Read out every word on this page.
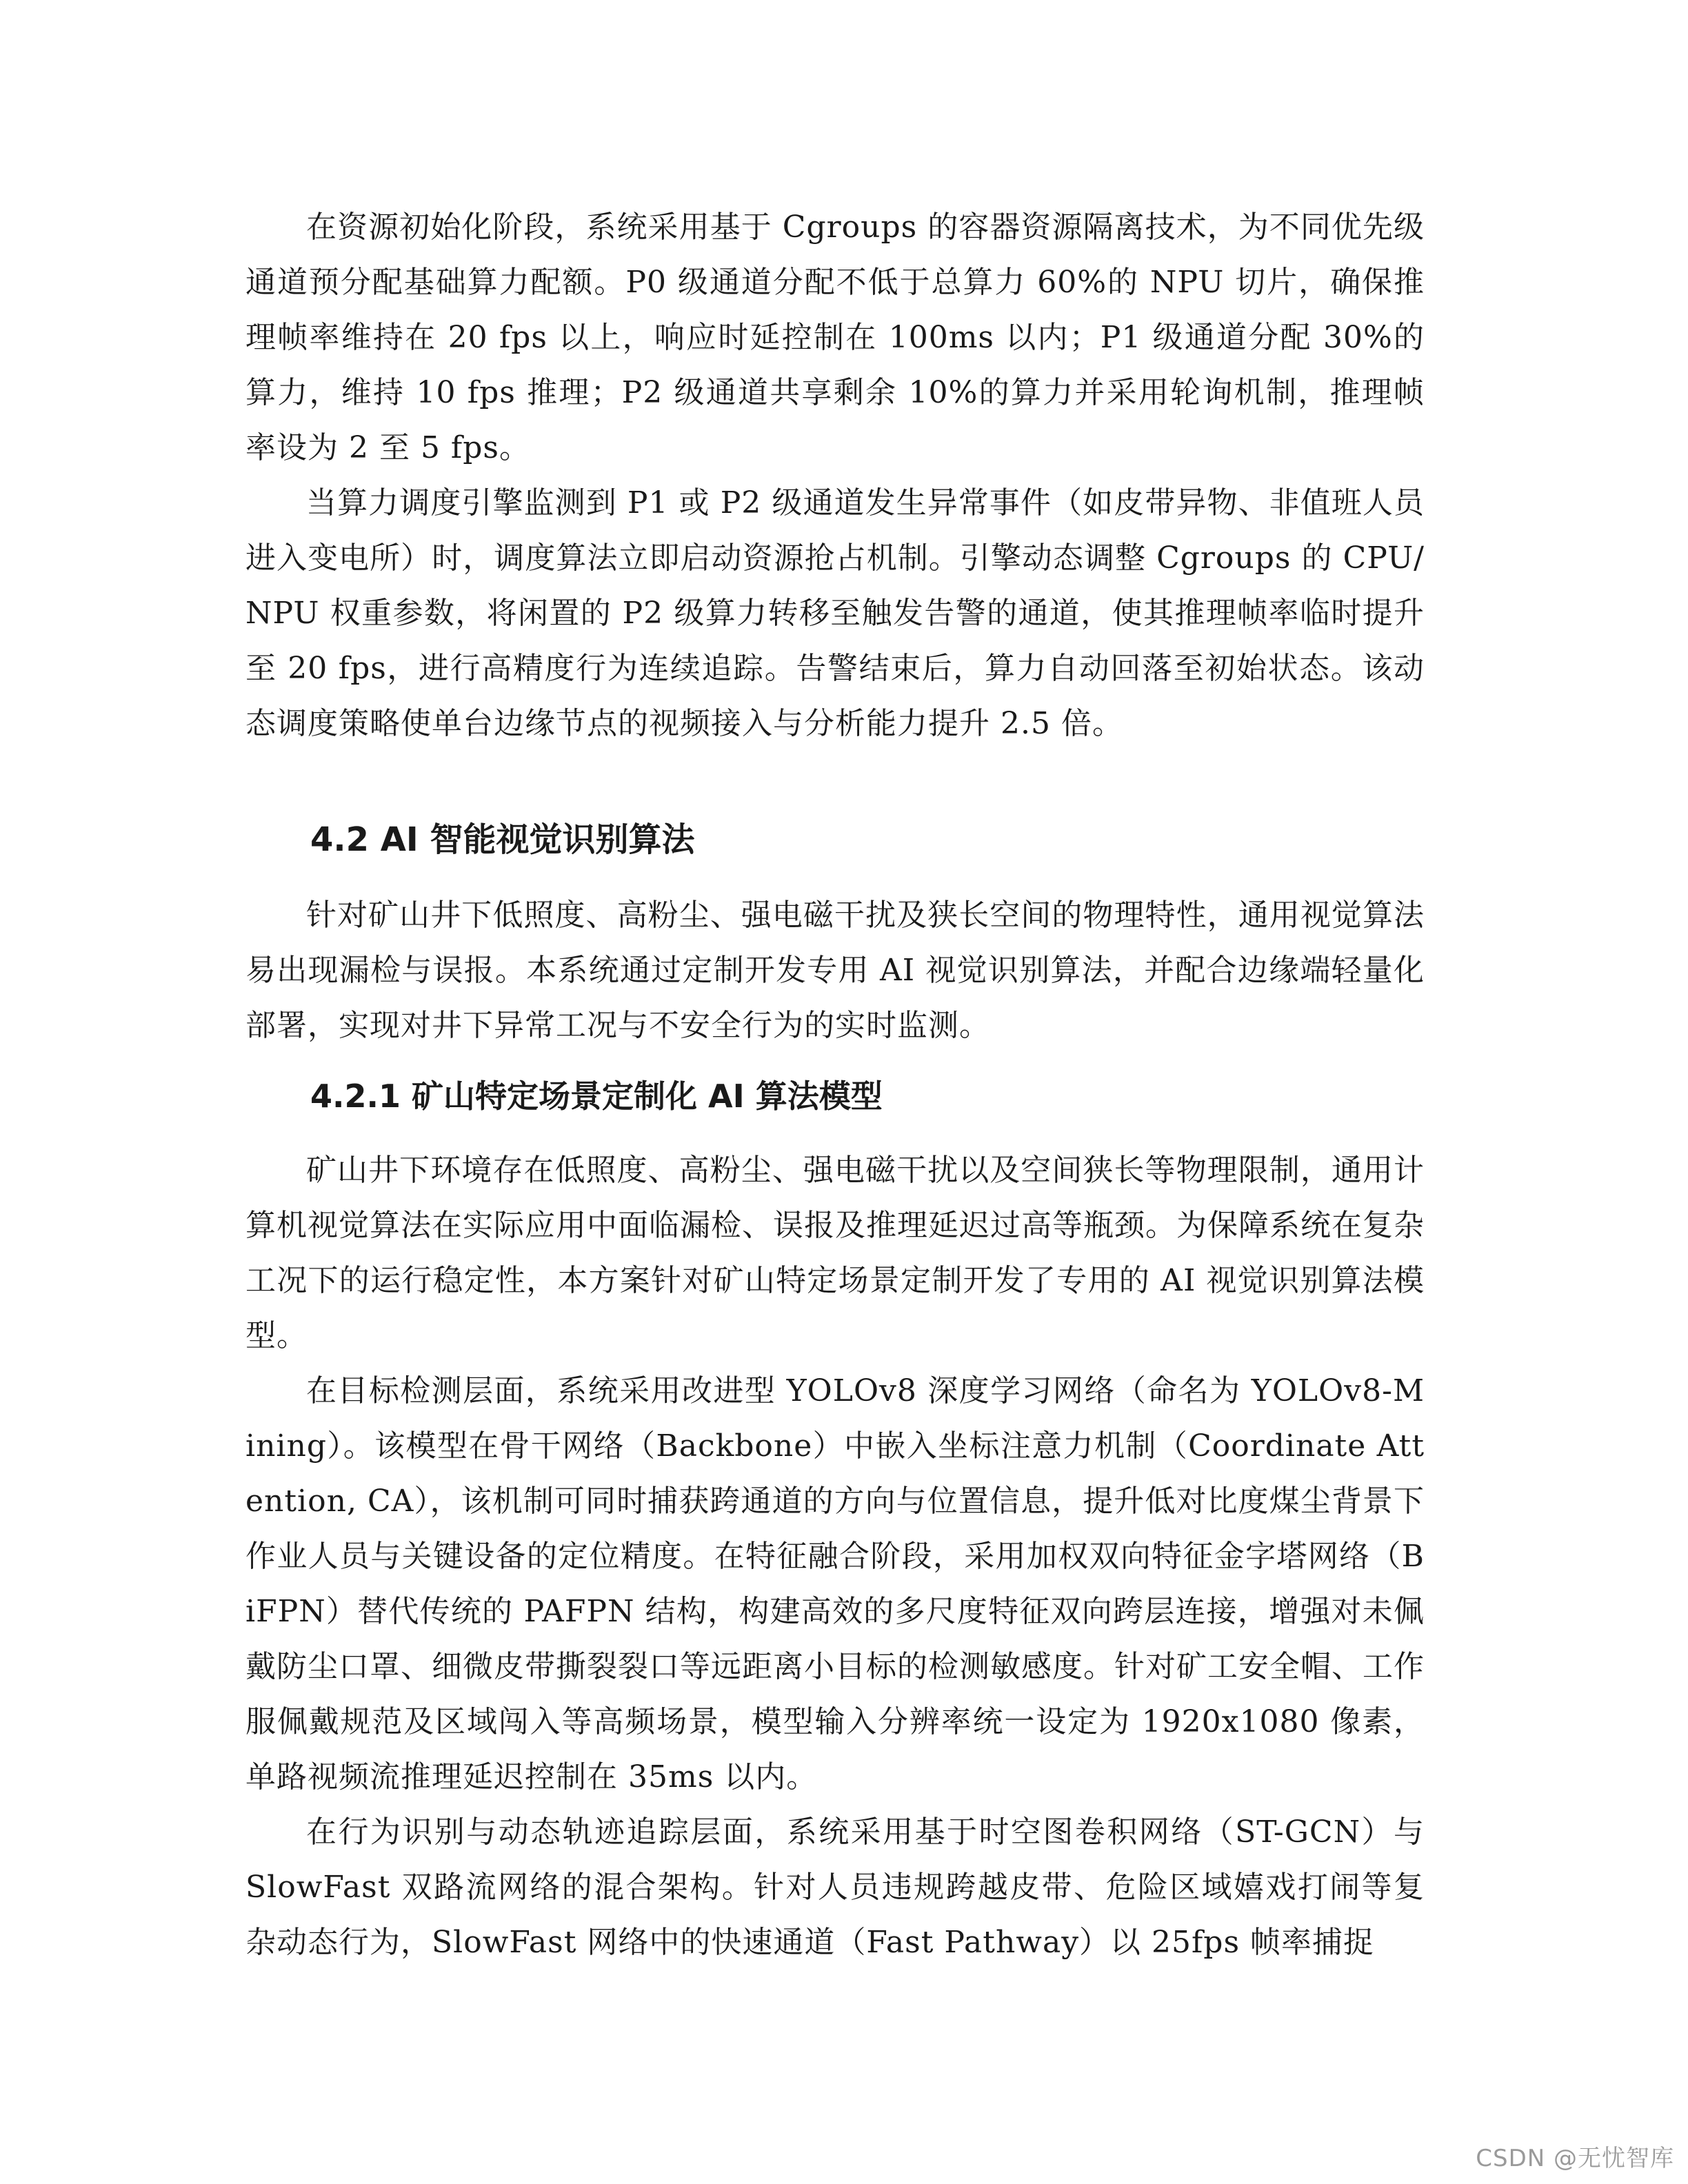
在资源初始化阶段，系统采用基于 Cgroups 的容器资源隔离技术，为不同优先级通道预分配基础算力配额。P0 级通道分配不低于总算力 60%的 NPU 切片，确保推理帧率维持在 20 fps 以上，响应时延控制在 100ms 以内；P1 级通道分配 30%的算力，维持 10 fps 推理；P2 级通道共享剩余 10%的算力并采用轮询机制，推理帧率设为 2 至 5 fps。

当算力调度引擎监测到 P1 或 P2 级通道发生异常事件（如皮带异物、非值班人员进入变电所）时，调度算法立即启动资源抢占机制。引擎动态调整 Cgroups 的 CPU/NPU 权重参数，将闲置的 P2 级算力转移至触发告警的通道，使其推理帧率临时提升至 20 fps，进行高精度行为连续追踪。告警结束后，算力自动回落至初始状态。该动态调度策略使单台边缘节点的视频接入与分析能力提升 2.5 倍。

4.2 AI 智能视觉识别算法

针对矿山井下低照度、高粉尘、强电磁干扰及狭长空间的物理特性，通用视觉算法易出现漏检与误报。本系统通过定制开发专用 AI 视觉识别算法，并配合边缘端轻量化部署，实现对井下异常工况与不安全行为的实时监测。

4.2.1 矿山特定场景定制化 AI 算法模型

矿山井下环境存在低照度、高粉尘、强电磁干扰以及空间狭长等物理限制，通用计算机视觉算法在实际应用中面临漏检、误报及推理延迟过高等瓶颈。为保障系统在复杂工况下的运行稳定性，本方案针对矿山特定场景定制开发了专用的 AI 视觉识别算法模型。

在目标检测层面，系统采用改进型 YOLOv8 深度学习网络（命名为 YOLOv8-Mining）。该模型在骨干网络（Backbone）中嵌入坐标注意力机制（Coordinate Attention, CA），该机制可同时捕获跨通道的方向与位置信息，提升低对比度煤尘背景下作业人员与关键设备的定位精度。在特征融合阶段，采用加权双向特征金字塔网络（BiFPN）替代传统的 PAFPN 结构，构建高效的多尺度特征双向跨层连接，增强对未佩戴防尘口罩、细微皮带撕裂裂口等远距离小目标的检测敏感度。针对矿工安全帽、工作服佩戴规范及区域闯入等高频场景，模型输入分辨率统一设定为 1920x1080 像素，单路视频流推理延迟控制在 35ms 以内。

在行为识别与动态轨迹追踪层面，系统采用基于时空图卷积网络（ST-GCN）与 SlowFast 双路流网络的混合架构。针对人员违规跨越皮带、危险区域嬉戏打闹等复杂动态行为，SlowFast 网络中的快速通道（Fast Pathway）以 25fps 帧率捕捉

CSDN @无忧智库
